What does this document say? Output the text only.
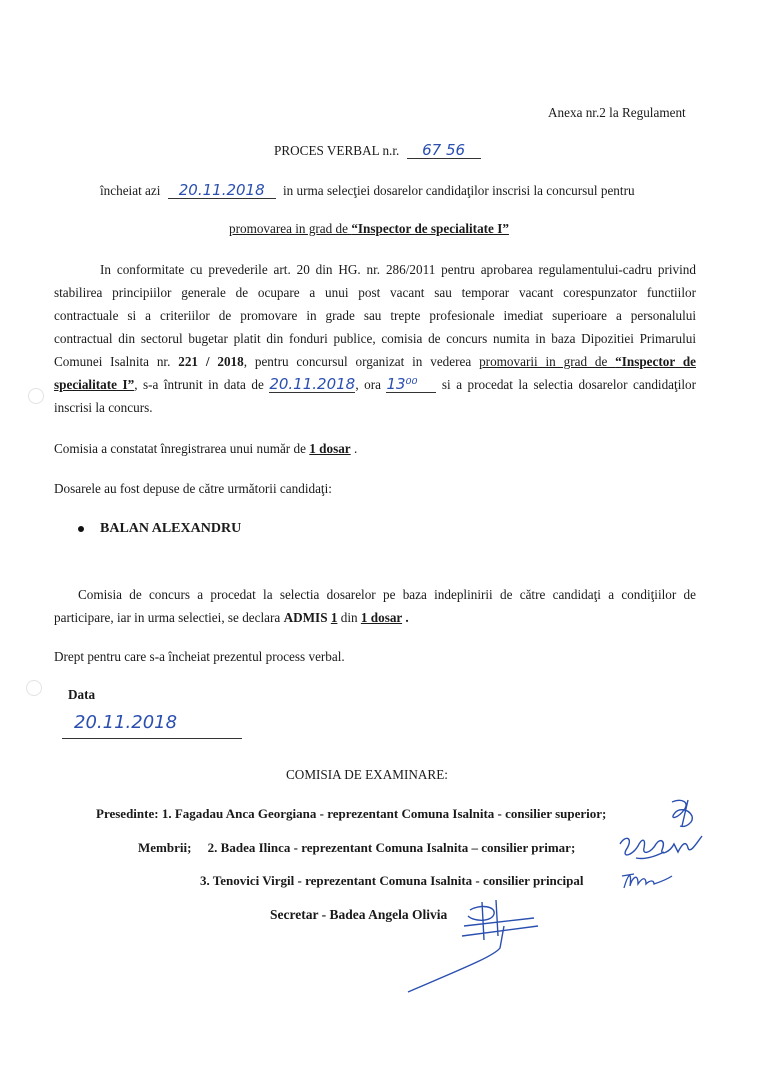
Anexa nr.2 la Regulament
PROCES VERBAL n.r. 67 56
încheiat azi 20.11.2018 in urma selecţiei dosarelor candidaţilor inscrisi la concursul pentru
promovarea in grad de “Inspector de specialitate I”
In conformitate cu prevederile art. 20 din HG. nr. 286/2011 pentru aprobarea regulamentului-cadru privind
stabilirea principiilor generale de ocupare a unui post vacant sau temporar vacant corespunzator functiilor
contractuale si a criteriilor de promovare in grade sau trepte profesionale imediat superioare a personalului
contractual din sectorul bugetar platit din fonduri publice, comisia de concurs numita in baza Dipozitiei Primarului
Comunei Isalnita nr. 221 / 2018, pentru concursul organizat in vederea promovarii in grad de “Inspector de
specialitate I”, s-a întrunit in data de 20.11.2018, ora 13⁰⁰ si a procedat la selectia dosarelor candidaţilor
inscrisi la concurs.
Comisia a constatat înregistrarea unui număr de 1 dosar .
Dosarele au fost depuse de către următorii candidaţi:
BALAN ALEXANDRU
Comisia de concurs a procedat la selectia dosarelor pe baza indeplinirii de către candidaţi a condiţiilor de
participare, iar in urma selectiei, se declara ADMIS 1 din 1 dosar .
Drept pentru care s-a încheiat prezentul process verbal.
Data
20.11.2018
COMISIA DE EXAMINARE:
Presedinte: 1. Fagadau Anca Georgiana - reprezentant Comuna Isalnita - consilier superior;
Membrii;     2. Badea Ilinca - reprezentant Comuna Isalnita – consilier primar;
3. Tenovici Virgil - reprezentant Comuna Isalnita - consilier principal
Secretar - Badea Angela Olivia
